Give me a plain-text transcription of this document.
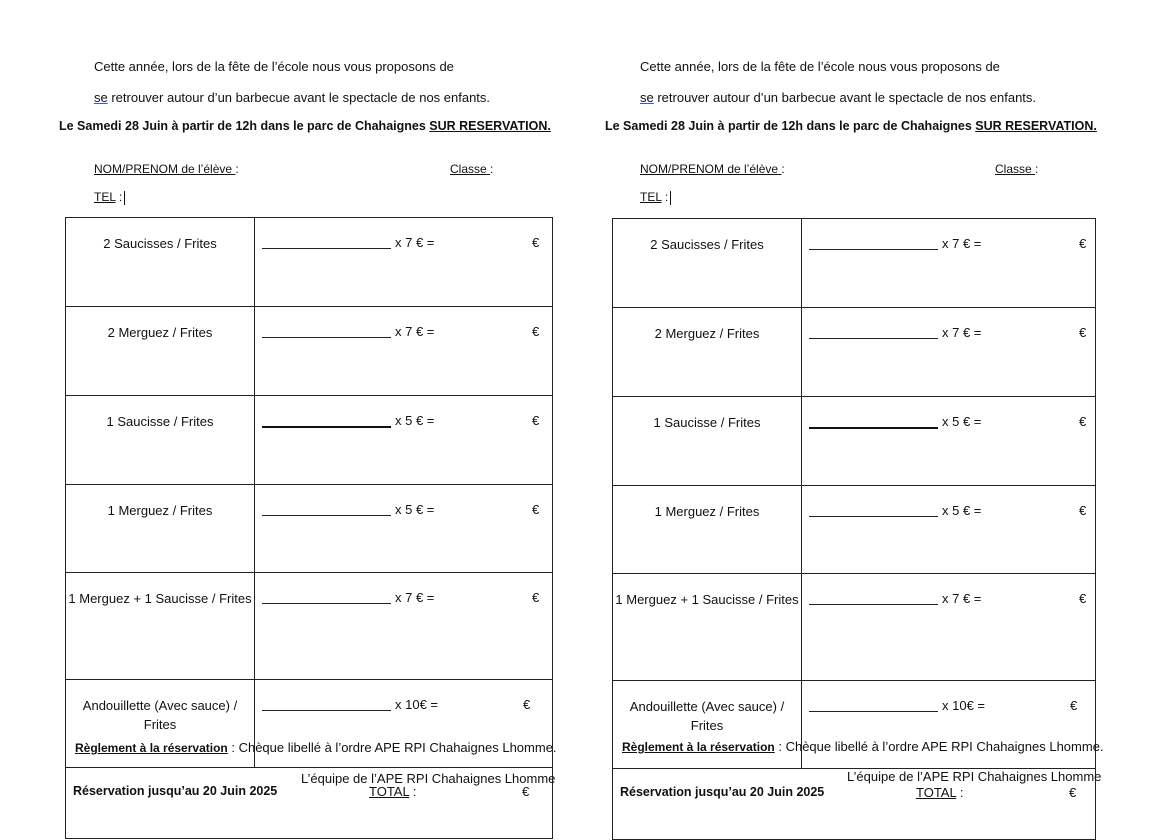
Cette année, lors de la fête de l’école nous vous proposons de
se retrouver autour d’un barbecue avant le spectacle de nos enfants.
Le Samedi 28 Juin à partir de 12h dans le parc de Chahaignes SUR RESERVATION.
NOM/PRENOM de l’élève :	Classe :
TEL :
2 Saucisses / Frites	x 7 € = €

2 Merguez / Frites	x 7 € = €

1 Saucisse / Frites	x 5 € = €

1 Merguez / Frites	x 5 € = €

1 Merguez + 1 Saucisse / Frites	x 7 € = €

Andouillette (Avec sauce) / Frites	x 10€ = €

Réservation jusqu’au 20 Juin 2025 TOTAL : €	
Règlement à la réservation : Chèque libellé à l’ordre APE RPI Chahaignes Lhomme.
L’équipe de l’APE RPI Chahaignes Lhomme
Cette année, lors de la fête de l’école nous vous proposons de
se retrouver autour d’un barbecue avant le spectacle de nos enfants.
Le Samedi 28 Juin à partir de 12h dans le parc de Chahaignes SUR RESERVATION.
NOM/PRENOM de l’élève :	Classe :
TEL :
2 Saucisses / Frites	x 7 € = €

2 Merguez / Frites	x 7 € = €

1 Saucisse / Frites	x 5 € = €

1 Merguez / Frites	x 5 € = €

1 Merguez + 1 Saucisse / Frites	x 7 € = €

Andouillette (Avec sauce) / Frites	x 10€ = €

Réservation jusqu’au 20 Juin 2025 TOTAL : €	
Règlement à la réservation : Chèque libellé à l’ordre APE RPI Chahaignes Lhomme.
L’équipe de l’APE RPI Chahaignes Lhomme
